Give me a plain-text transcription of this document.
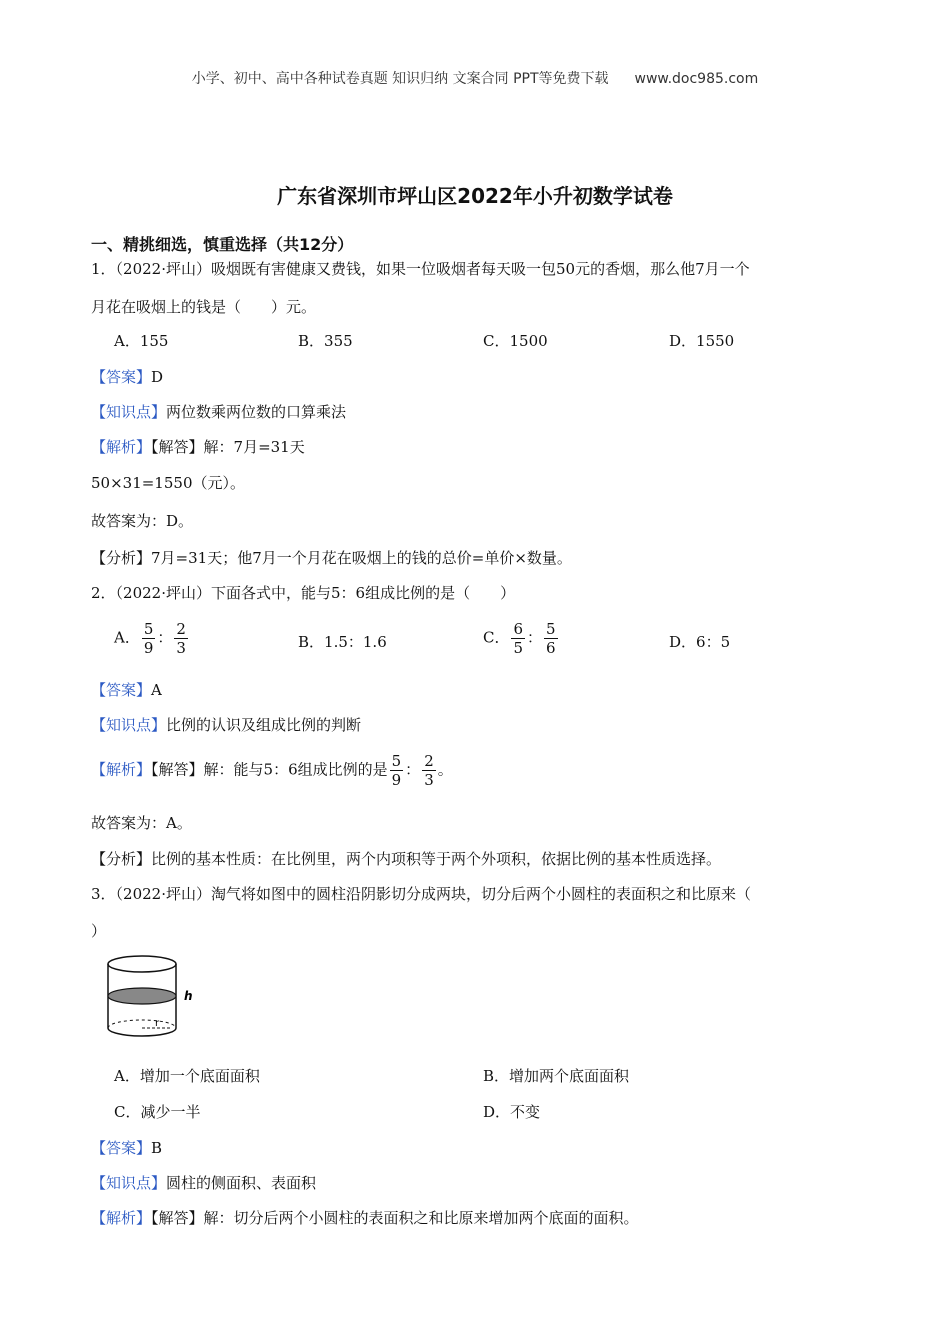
小学、初中、高中各种试卷真题 知识归纳 文案合同 PPT等免费下载 www.doc985.com
广东省深圳市坪山区2022年小升初数学试卷
一、精挑细选，慎重选择（共12分）
1．（2022·坪山）吸烟既有害健康又费钱，如果一位吸烟者每天吸一包50元的香烟，那么他7月一个
月花在吸烟上的钱是（　　）元。
A．155	B．355	C．1500	D．1550
【答案】D
【知识点】两位数乘两位数的口算乘法
【解析】【解答】解：7月=31天
50×31=1550（元）。
故答案为：D。
【分析】7月=31天；他7月一个月花在吸烟上的钱的总价=单价×数量。
2．（2022·坪山）下面各式中，能与5：6组成比例的是（　　）
A． $\frac{5}{9}$ ： $\frac{2}{3}$	B．1.5：1.6	C． $\frac{6}{5}$ ： $\frac{5}{6}$	D．6：5
【答案】A
【知识点】比例的认识及组成比例的判断
【解析】【解答】解：能与5：6组成比例的是 $\frac{5}{9}$ ： $\frac{2}{3}$ 。
故答案为：A。
【分析】比例的基本性质：在比例里，两个内项积等于两个外项积，依据比例的基本性质选择。
3．（2022·坪山）淘气将如图中的圆柱沿阴影切分成两块，切分后两个小圆柱的表面积之和比原来（
）
h
r
A．增加一个底面面积	B．增加两个底面面积
C．减少一半	D．不变
【答案】B
【知识点】圆柱的侧面积、表面积
【解析】【解答】解：切分后两个小圆柱的表面积之和比原来增加两个底面的面积。
